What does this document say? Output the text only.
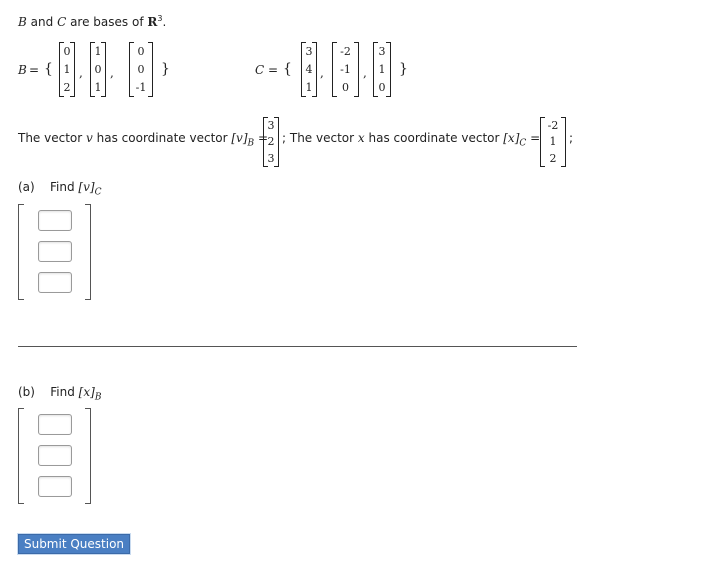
B and C are bases of $R^3$.
B = {
0
1
2
,
1
0
1
,
0
0
-1
}	C = {
3
4
1
,
-2
-1
0
,
3
1
0
}
The vector v has coordinate vector $[v]_B$ =
3
2
3
; The vector x has coordinate vector $[x]_C$ =
-2
1
2
;
(a) Find $[v]_C$
(b) Find $[x]_B$
Submit Question
